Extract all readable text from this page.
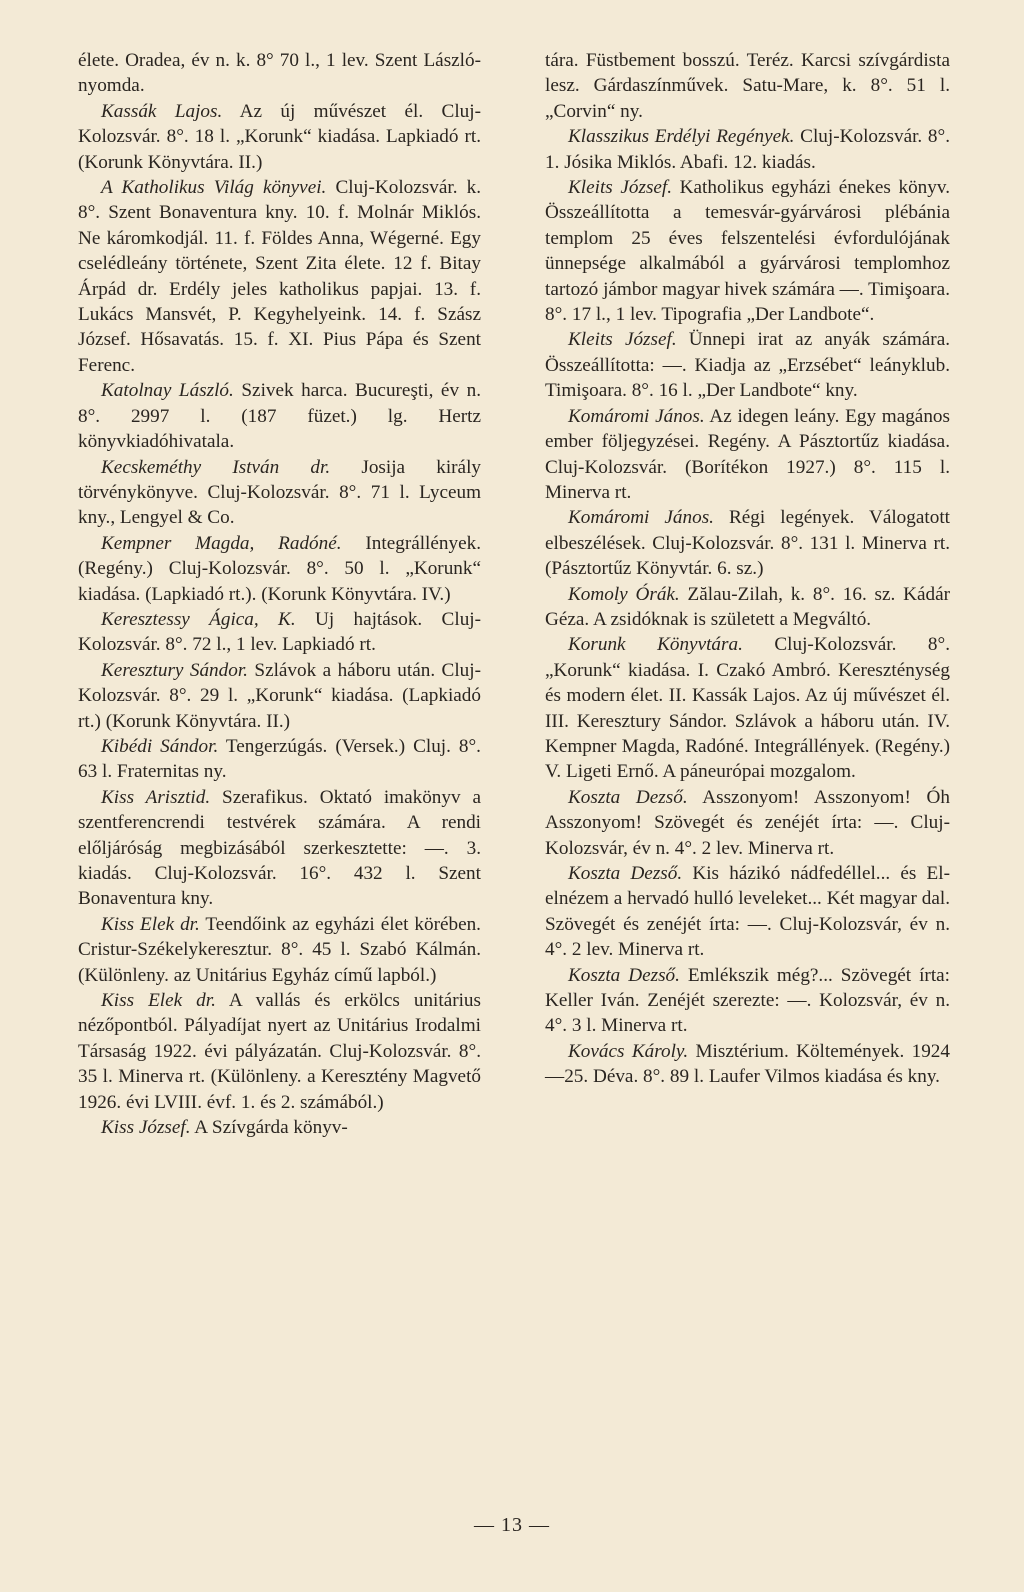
élete. Oradea, év n. k. 8° 70 l., 1 lev. Szent László-nyomda.

Kassák Lajos. Az új művészet él. Cluj-Kolozsvár. 8°. 18 l. „Korunk“ kiadása. Lapkiadó rt. (Korunk Könyvtára. II.)

A Katholikus Világ könyvei. Cluj-Kolozsvár. k. 8°. Szent Bonaventura kny. 10. f. Molnár Miklós. Ne káromkodjál. 11. f. Földes Anna, Wégerné. Egy cselédleány története, Szent Zita élete. 12 f. Bitay Árpád dr. Erdély jeles katholikus papjai. 13. f. Lukács Mansvét, P. Kegyhelyeink. 14. f. Szász József. Hősavatás. 15. f. XI. Pius Pápa és Szent Ferenc.

Katolnay László. Szivek harca. Bucureşti, év n. 8°. 2997 l. (187 füzet.) lg. Hertz könyvkiadóhivatala.

Kecskeméthy István dr. Josija király törvénykönyve. Cluj-Kolozsvár. 8°. 71 l. Lyceum kny., Lengyel & Co.

Kempner Magda, Radóné. Integrállények. (Regény.) Cluj-Kolozsvár. 8°. 50 l. „Korunk“ kiadása. (Lapkiadó rt.). (Korunk Könyvtára. IV.)

Keresztessy Ágica, K. Uj hajtások. Cluj-Kolozsvár. 8°. 72 l., 1 lev. Lapkiadó rt.

Keresztury Sándor. Szlávok a háboru után. Cluj-Kolozsvár. 8°. 29 l. „Korunk“ kiadása. (Lapkiadó rt.) (Korunk Könyvtára. II.)

Kibédi Sándor. Tengerzúgás. (Versek.) Cluj. 8°. 63 l. Fraternitas ny.

Kiss Arisztid. Szerafikus. Oktató imakönyv a szentferencrendi testvérek számára. A rendi előljáróság megbizásából szerkesztette: —. 3. kiadás. Cluj-Kolozsvár. 16°. 432 l. Szent Bonaventura kny.

Kiss Elek dr. Teendőink az egyházi élet körében. Cristur-Székelykeresztur. 8°. 45 l. Szabó Kálmán. (Különleny. az Unitárius Egyház című lapból.)

Kiss Elek dr. A vallás és erkölcs unitárius nézőpontból. Pályadíjat nyert az Unitárius Irodalmi Társaság 1922. évi pályázatán. Cluj-Kolozsvár. 8°. 35 l. Minerva rt. (Különleny. a Keresztény Magvető 1926. évi LVIII. évf. 1. és 2. számából.)

Kiss József. A Szívgárda könyv-

tára. Füstbement bosszú. Teréz. Karcsi szívgárdista lesz. Gárdaszínművek. Satu-Mare, k. 8°. 51 l. „Corvin“ ny.

Klasszikus Erdélyi Regények. Cluj-Kolozsvár. 8°. 1. Jósika Miklós. Abafi. 12. kiadás.

Kleits József. Katholikus egyházi énekes könyv. Összeállította a temesvár-gyárvárosi plébánia templom 25 éves felszentelési évfordulójának ünnepsége alkalmából a gyárvárosi templomhoz tartozó jámbor magyar hivek számára —. Timişoara. 8°. 17 l., 1 lev. Tipografia „Der Landbote“.

Kleits József. Ünnepi irat az anyák számára. Összeállította: —. Kiadja az „Erzsébet“ leányklub. Timişoara. 8°. 16 l. „Der Landbote“ kny.

Komáromi János. Az idegen leány. Egy magános ember följegyzései. Regény. A Pásztortűz kiadása. Cluj-Kolozsvár. (Borítékon 1927.) 8°. 115 l. Minerva rt.

Komáromi János. Régi legények. Válogatott elbeszélések. Cluj-Kolozsvár. 8°. 131 l. Minerva rt. (Pásztortűz Könyvtár. 6. sz.)

Komoly Órák. Zălau-Zilah, k. 8°. 16. sz. Kádár Géza. A zsidóknak is született a Megváltó.

Korunk Könyvtára. Cluj-Kolozsvár. 8°. „Korunk“ kiadása. I. Czakó Ambró. Kereszténység és modern élet. II. Kassák Lajos. Az új művészet él. III. Keresztury Sándor. Szlávok a háboru után. IV. Kempner Magda, Radóné. Integrállények. (Regény.) V. Ligeti Ernő. A páneurópai mozgalom.

Koszta Dezső. Asszonyom! Asszonyom! Óh Asszonyom! Szövegét és zenéjét írta: —. Cluj-Kolozsvár, év n. 4°. 2 lev. Minerva rt.

Koszta Dezső. Kis házikó nádfedéllel... és El-elnézem a hervadó hulló leveleket... Két magyar dal. Szövegét és zenéjét írta: —. Cluj-Kolozsvár, év n. 4°. 2 lev. Minerva rt.

Koszta Dezső. Emlékszik még?... Szövegét írta: Keller Iván. Zenéjét szerezte: —. Kolozsvár, év n. 4°. 3 l. Minerva rt.

Kovács Károly. Misztérium. Költemények. 1924—25. Déva. 8°. 89 l. Laufer Vilmos kiadása és kny.

— 13 —
